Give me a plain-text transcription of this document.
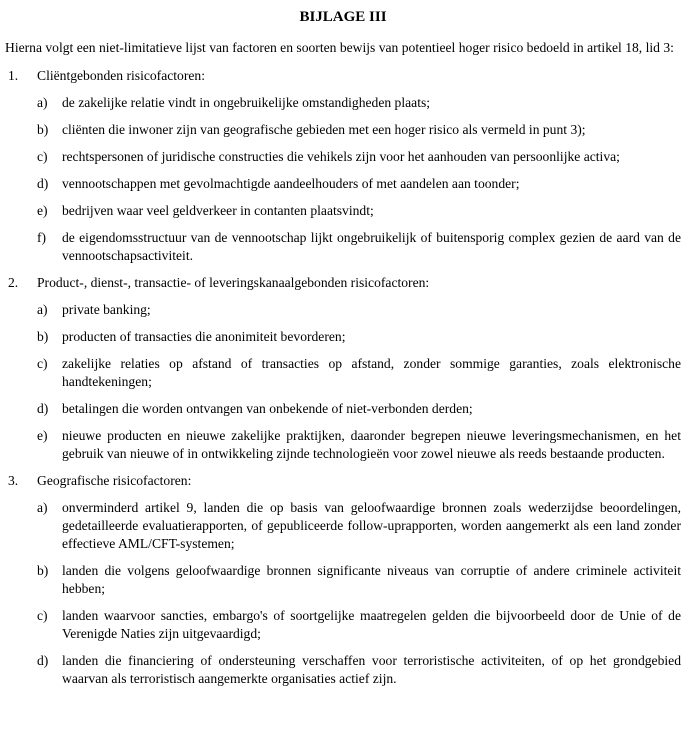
BIJLAGE III

Hierna volgt een niet-limitatieve lijst van factoren en soorten bewijs van potentieel hoger risico bedoeld in artikel 18, lid 3:

1.	Cliëntgebonden risicofactoren:
a)	de zakelijke relatie vindt in ongebruikelijke omstandigheden plaats;
b)	cliënten die inwoner zijn van geografische gebieden met een hoger risico als vermeld in punt 3);
c)	rechtspersonen of juridische constructies die vehikels zijn voor het aanhouden van persoonlijke activa;
d)	vennootschappen met gevolmachtigde aandeelhouders of met aandelen aan toonder;
e)	bedrijven waar veel geldverkeer in contanten plaatsvindt;
f)	de eigendomsstructuur van de vennootschap lijkt ongebruikelijk of buitensporig complex gezien de aard van de vennootschapsactiviteit.
2.	Product-, dienst-, transactie- of leveringskanaalgebonden risicofactoren:
a)	private banking;
b)	producten of transacties die anonimiteit bevorderen;
c)	zakelijke relaties op afstand of transacties op afstand, zonder sommige garanties, zoals elektronische handtekeningen;
d)	betalingen die worden ontvangen van onbekende of niet-verbonden derden;
e)	nieuwe producten en nieuwe zakelijke praktijken, daaronder begrepen nieuwe leveringsmechanismen, en het gebruik van nieuwe of in ontwikkeling zijnde technologieën voor zowel nieuwe als reeds bestaande producten.
3.	Geografische risicofactoren:
a)	onverminderd artikel 9, landen die op basis van geloofwaardige bronnen zoals wederzijdse beoordelingen, gedetailleerde evaluatierapporten, of gepubliceerde follow-uprapporten, worden aangemerkt als een land zonder effectieve AML/CFT-systemen;
b)	landen die volgens geloofwaardige bronnen significante niveaus van corruptie of andere criminele activiteit hebben;
c)	landen waarvoor sancties, embargo's of soortgelijke maatregelen gelden die bijvoorbeeld door de Unie of de Verenigde Naties zijn uitgevaardigd;
d)	landen die financiering of ondersteuning verschaffen voor terroristische activiteiten, of op het grondgebied waarvan als terroristisch aangemerkte organisaties actief zijn.
